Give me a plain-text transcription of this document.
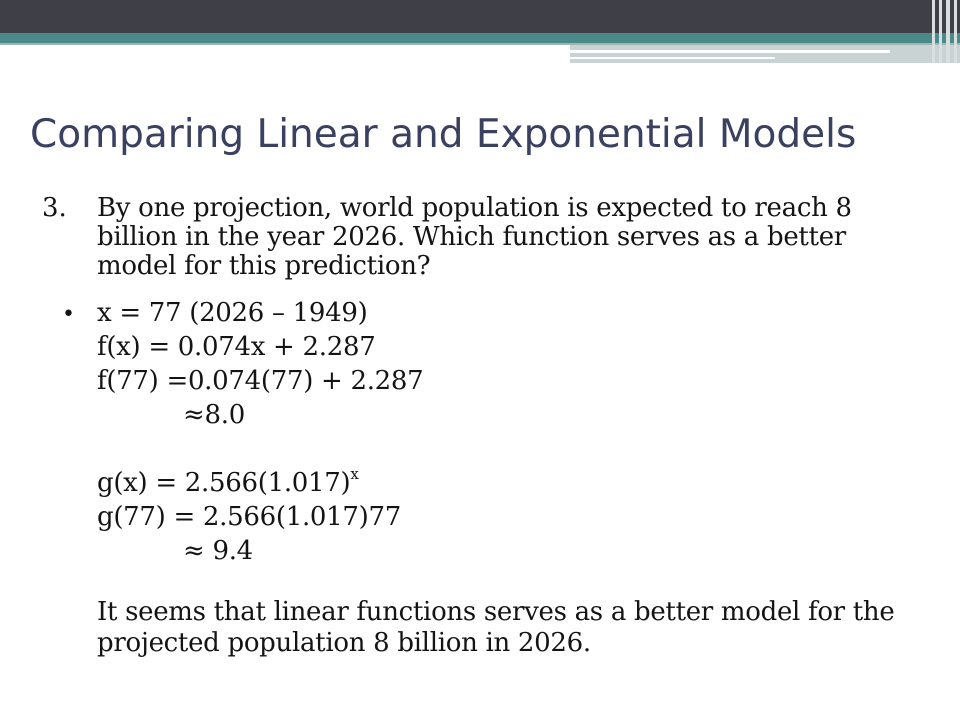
Comparing Linear and Exponential Models
3. By one projection, world population is expected to reach 8 billion in the year 2026. Which function serves as a better model for this prediction?

• x = 77 (2026 – 1949)

f(x) = 0.074x + 2.287

f(77) =0.074(77) + 2.287

≈8.0

$g(x) = 2.566(1.017)^x$

g(77) = 2.566(1.017)77

≈ 9.4

It seems that linear functions serves as a better model for the projected population 8 billion in 2026.
